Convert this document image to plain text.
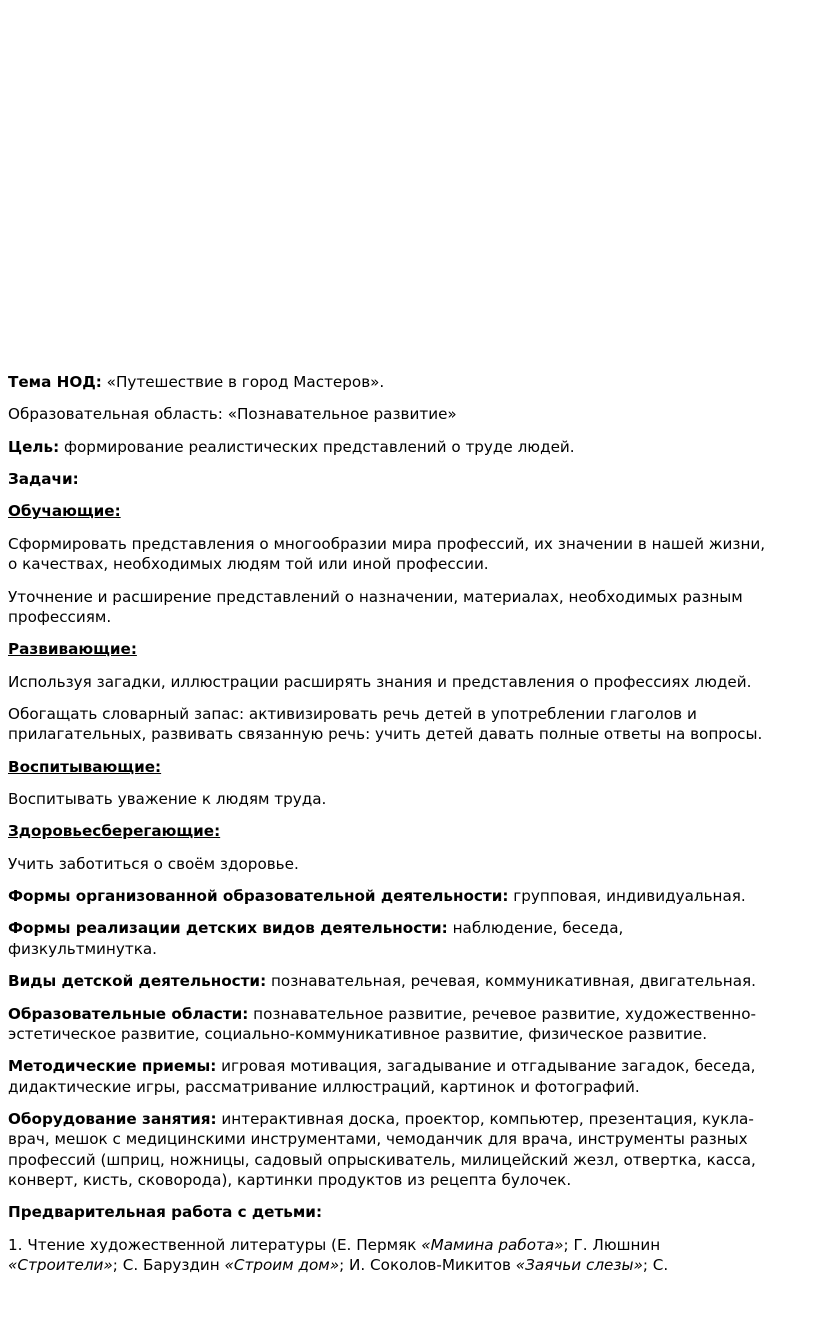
Тема НОД: «Путешествие в город Мастеров».

Образовательная область: «Познавательное развитие»

Цель: формирование реалистических представлений о труде людей.

Задачи:

Обучающие:

Сформировать представления о многообразии мира профессий, их значении в нашей жизни, о качествах, необходимых людям той или иной профессии.

Уточнение и расширение представлений о назначении, материалах, необходимых разным профессиям.

Развивающие:

Используя загадки, иллюстрации расширять знания и представления о профессиях людей.

Обогащать словарный запас: активизировать речь детей в употреблении глаголов и прилагательных, развивать связанную речь: учить детей давать полные ответы на вопросы.

Воспитывающие:

Воспитывать уважение к людям труда.

Здоровьесберегающие:

Учить заботиться о своём здоровье.

Формы организованной образовательной деятельности: групповая, индивидуальная.

Формы реализации детских видов деятельности: наблюдение, беседа, физкультминутка.

Виды детской деятельности: познавательная, речевая, коммуникативная, двигательная.

Образовательные области: познавательное развитие, речевое развитие, художественно-эстетическое развитие, социально-коммуникативное развитие, физическое развитие.

Методические приемы: игровая мотивация, загадывание и отгадывание загадок, беседа, дидактические игры, рассматривание иллюстраций, картинок и фотографий.

Оборудование занятия: интерактивная доска, проектор, компьютер, презентация, кукла-врач, мешок с медицинскими инструментами, чемоданчик для врача, инструменты разных профессий (шприц, ножницы, садовый опрыскиватель, милицейский жезл, отвертка, касса, конверт, кисть, сковорода), картинки продуктов из рецепта булочек.

Предварительная работа с детьми:

1. Чтение художественной литературы (Е. Пермяк «Мамина работа»; Г. Люшнин «Строители»; С. Баруздин «Строим дом»; И. Соколов-Микитов «Заячьи слезы»; С.
